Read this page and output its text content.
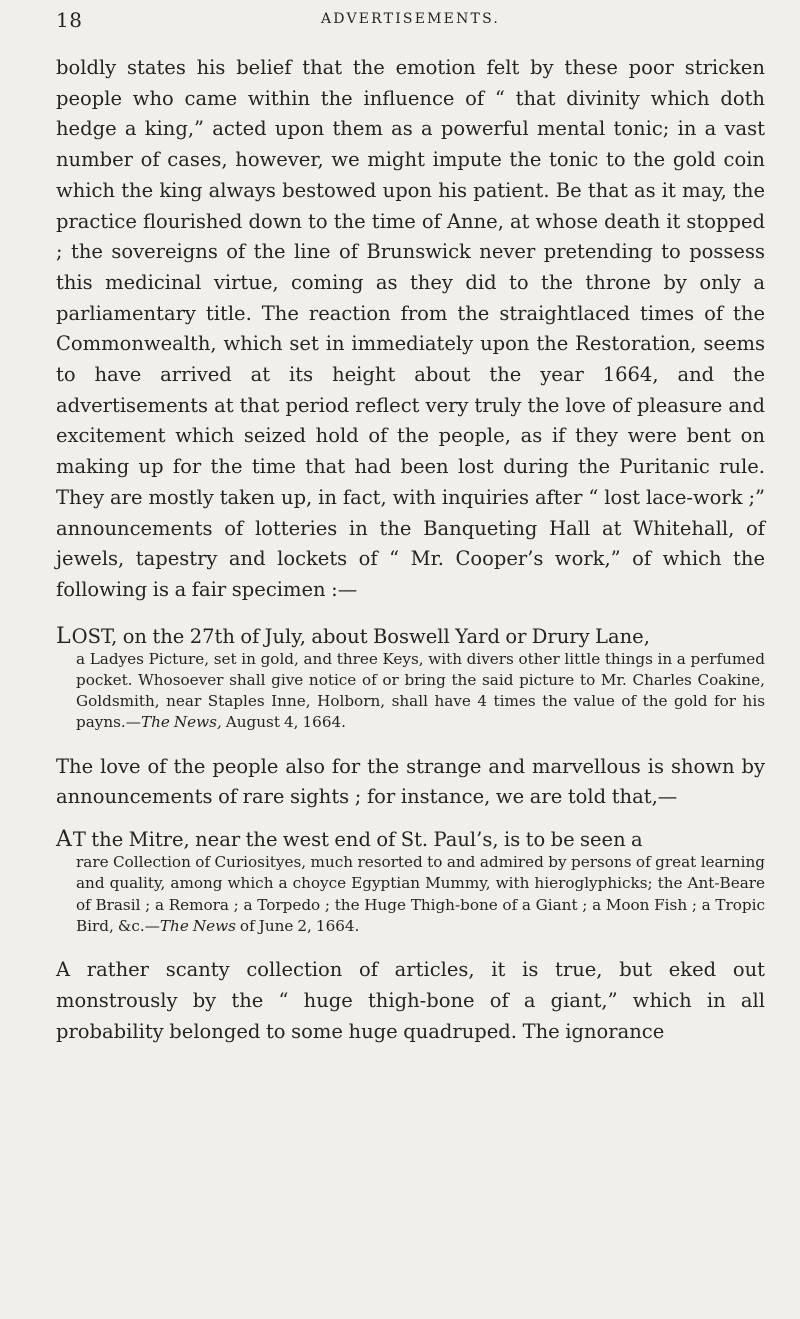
18	ADVERTISEMENTS.

boldly states his belief that the emotion felt by these poor stricken people who came within the influence of “ that divinity which doth hedge a king,” acted upon them as a powerful mental tonic; in a vast number of cases, however, we might impute the tonic to the gold coin which the king always bestowed upon his patient. Be that as it may, the practice flourished down to the time of Anne, at whose death it stopped ; the sovereigns of the line of Brunswick never pretending to possess this medicinal virtue, coming as they did to the throne by only a parliamentary title. The reaction from the straightlaced times of the Commonwealth, which set in immediately upon the Restoration, seems to have arrived at its height about the year 1664, and the advertisements at that period reflect very truly the love of pleasure and excitement which seized hold of the people, as if they were bent on making up for the time that had been lost during the Puritanic rule. They are mostly taken up, in fact, with inquiries after “ lost lace-work ;” announcements of lotteries in the Banqueting Hall at Whitehall, of jewels, tapestry and lockets of “ Mr. Cooper’s work,” of which the following is a fair specimen :—

LOST, on the 27th of July, about Boswell Yard or Drury Lane,
a Ladyes Picture, set in gold, and three Keys, with divers other little things in a perfumed pocket. Whosoever shall give notice of or bring the said picture to Mr. Charles Coakine, Goldsmith, near Staples Inne, Holborn, shall have 4 times the value of the gold for his payns.—The News, August 4, 1664.

The love of the people also for the strange and marvellous is shown by announcements of rare sights ; for instance, we are told that,—

AT the Mitre, near the west end of St. Paul’s, is to be seen a
rare Collection of Curiosityes, much resorted to and admired by persons of great learning and quality, among which a choyce Egyptian Mummy, with hieroglyphicks; the Ant-Beare of Brasil ; a Remora ; a Torpedo ; the Huge Thigh-bone of a Giant ; a Moon Fish ; a Tropic Bird, &c.—The News of June 2, 1664.

A rather scanty collection of articles, it is true, but eked out monstrously by the “ huge thigh-bone of a giant,” which in all probability belonged to some huge quadruped. The ignorance
